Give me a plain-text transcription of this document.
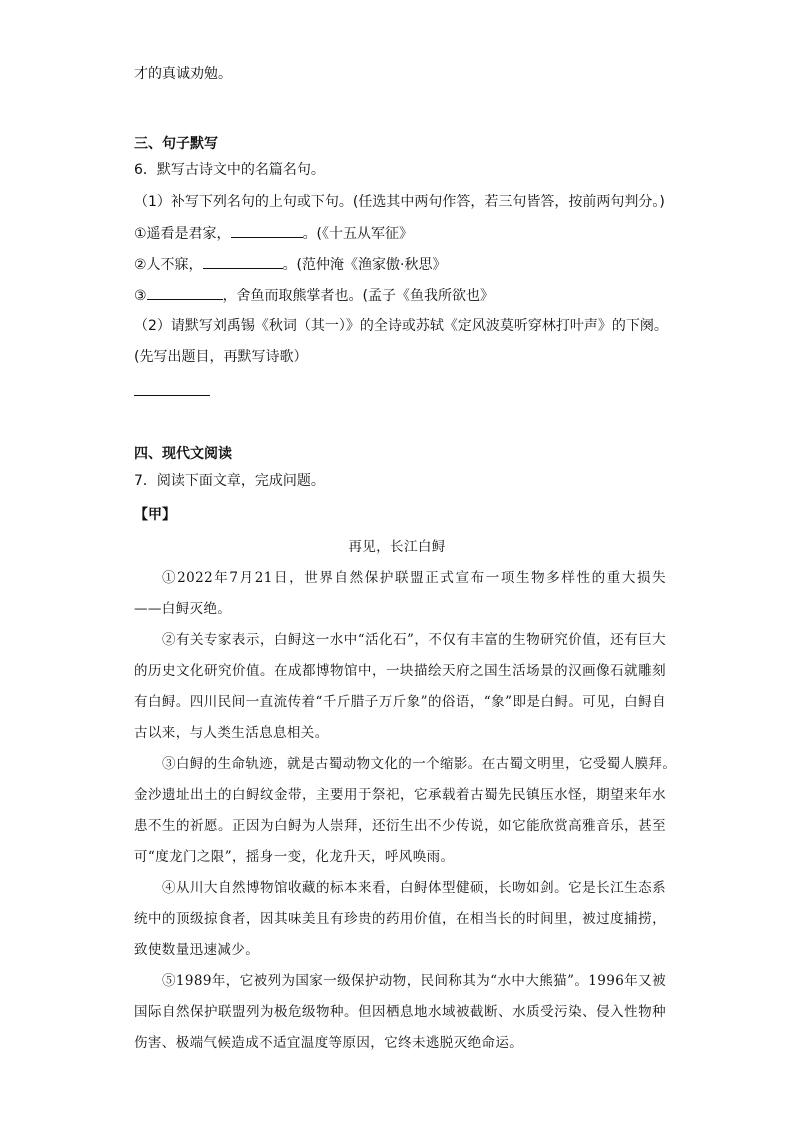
才的真诚劝勉。
三、句子默写
6．默写古诗文中的名篇名句。
（1）补写下列名句的上句或下句。(任选其中两句作答，若三句皆答，按前两句判分。)
①遥看是君家，	。(《十五从军征》
②人不寐，	。(范仲淹《渔家傲·秋思》
③	，舍鱼而取熊掌者也。(孟子《鱼我所欲也》
（2）请默写刘禹锡《秋词（其一）》的全诗或苏轼《定风波莫听穿林打叶声》的下阕。
(先写出题目，再默写诗歌）
四、现代文阅读
7．阅读下面文章，完成问题。
【甲】
再见，长江白鲟
①2022年7月21日，世界自然保护联盟正式宣布一项生物多样性的重大损失
——白鲟灭绝。
②有关专家表示，白鲟这一水中“活化石”，不仅有丰富的生物研究价值，还有巨大
的历史文化研究价值。在成都博物馆中，一块描绘天府之国生活场景的汉画像石就雕刻
有白鲟。四川民间一直流传着“千斤腊子万斤象”的俗语，“象”即是白鲟。可见，白鲟自
古以来，与人类生活息息相关。
③白鲟的生命轨迹，就是古蜀动物文化的一个缩影。在古蜀文明里，它受蜀人膜拜。
金沙遗址出土的白鲟纹金带，主要用于祭祀，它承载着古蜀先民镇压水怪，期望来年水
患不生的祈愿。正因为白鲟为人崇拜，还衍生出不少传说，如它能欣赏高雅音乐，甚至
可“度龙门之限”，摇身一变，化龙升天，呼风唤雨。
④从川大自然博物馆收藏的标本来看，白鲟体型健硕，长吻如剑。它是长江生态系
统中的顶级掠食者，因其味美且有珍贵的药用价值，在相当长的时间里，被过度捕捞，
致使数量迅速减少。
⑤1989年，它被列为国家一级保护动物，民间称其为“水中大熊猫”。1996年又被
国际自然保护联盟列为极危级物种。但因栖息地水域被截断、水质受污染、侵入性物种
伤害、极端气候造成不适宜温度等原因，它终未逃脱灭绝命运。
